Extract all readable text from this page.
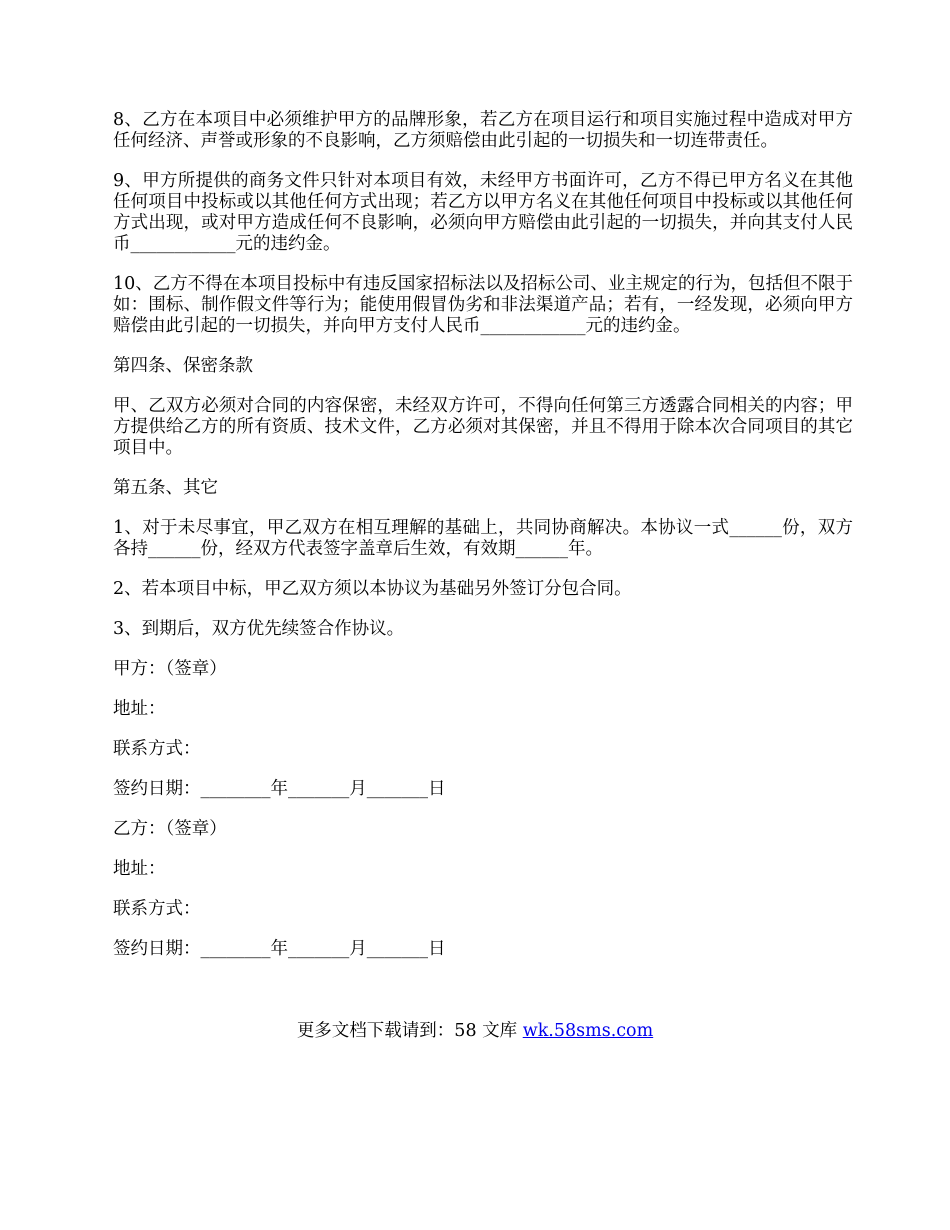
8、乙方在本项目中必须维护甲方的品牌形象，若乙方在项目运行和项目实施过程中造成对甲方任何经济、声誉或形象的不良影响，乙方须赔偿由此引起的一切损失和一切连带责任。

9、甲方所提供的商务文件只针对本项目有效，未经甲方书面许可，乙方不得已甲方名义在其他任何项目中投标或以其他任何方式出现；若乙方以甲方名义在其他任何项目中投标或以其他任何方式出现，或对甲方造成任何不良影响，必须向甲方赔偿由此引起的一切损失，并向其支付人民币____________元的违约金。

10、乙方不得在本项目投标中有违反国家招标法以及招标公司、业主规定的行为，包括但不限于如：围标、制作假文件等行为；能使用假冒伪劣和非法渠道产品；若有，一经发现，必须向甲方赔偿由此引起的一切损失，并向甲方支付人民币____________元的违约金。

第四条、保密条款

甲、乙双方必须对合同的内容保密，未经双方许可，不得向任何第三方透露合同相关的内容；甲方提供给乙方的所有资质、技术文件，乙方必须对其保密，并且不得用于除本次合同项目的其它项目中。

第五条、其它

1、对于未尽事宜，甲乙双方在相互理解的基础上，共同协商解决。本协议一式______份，双方各持______份，经双方代表签字盖章后生效，有效期______年。

2、若本项目中标，甲乙双方须以本协议为基础另外签订分包合同。

3、到期后，双方优先续签合作协议。

甲方：（签章）

地址：

联系方式：

签约日期：________年_______月_______日

乙方：（签章）

地址：

联系方式：

签约日期：________年_______月_______日

更多文档下载请到：58 文库 wk.58sms.com
